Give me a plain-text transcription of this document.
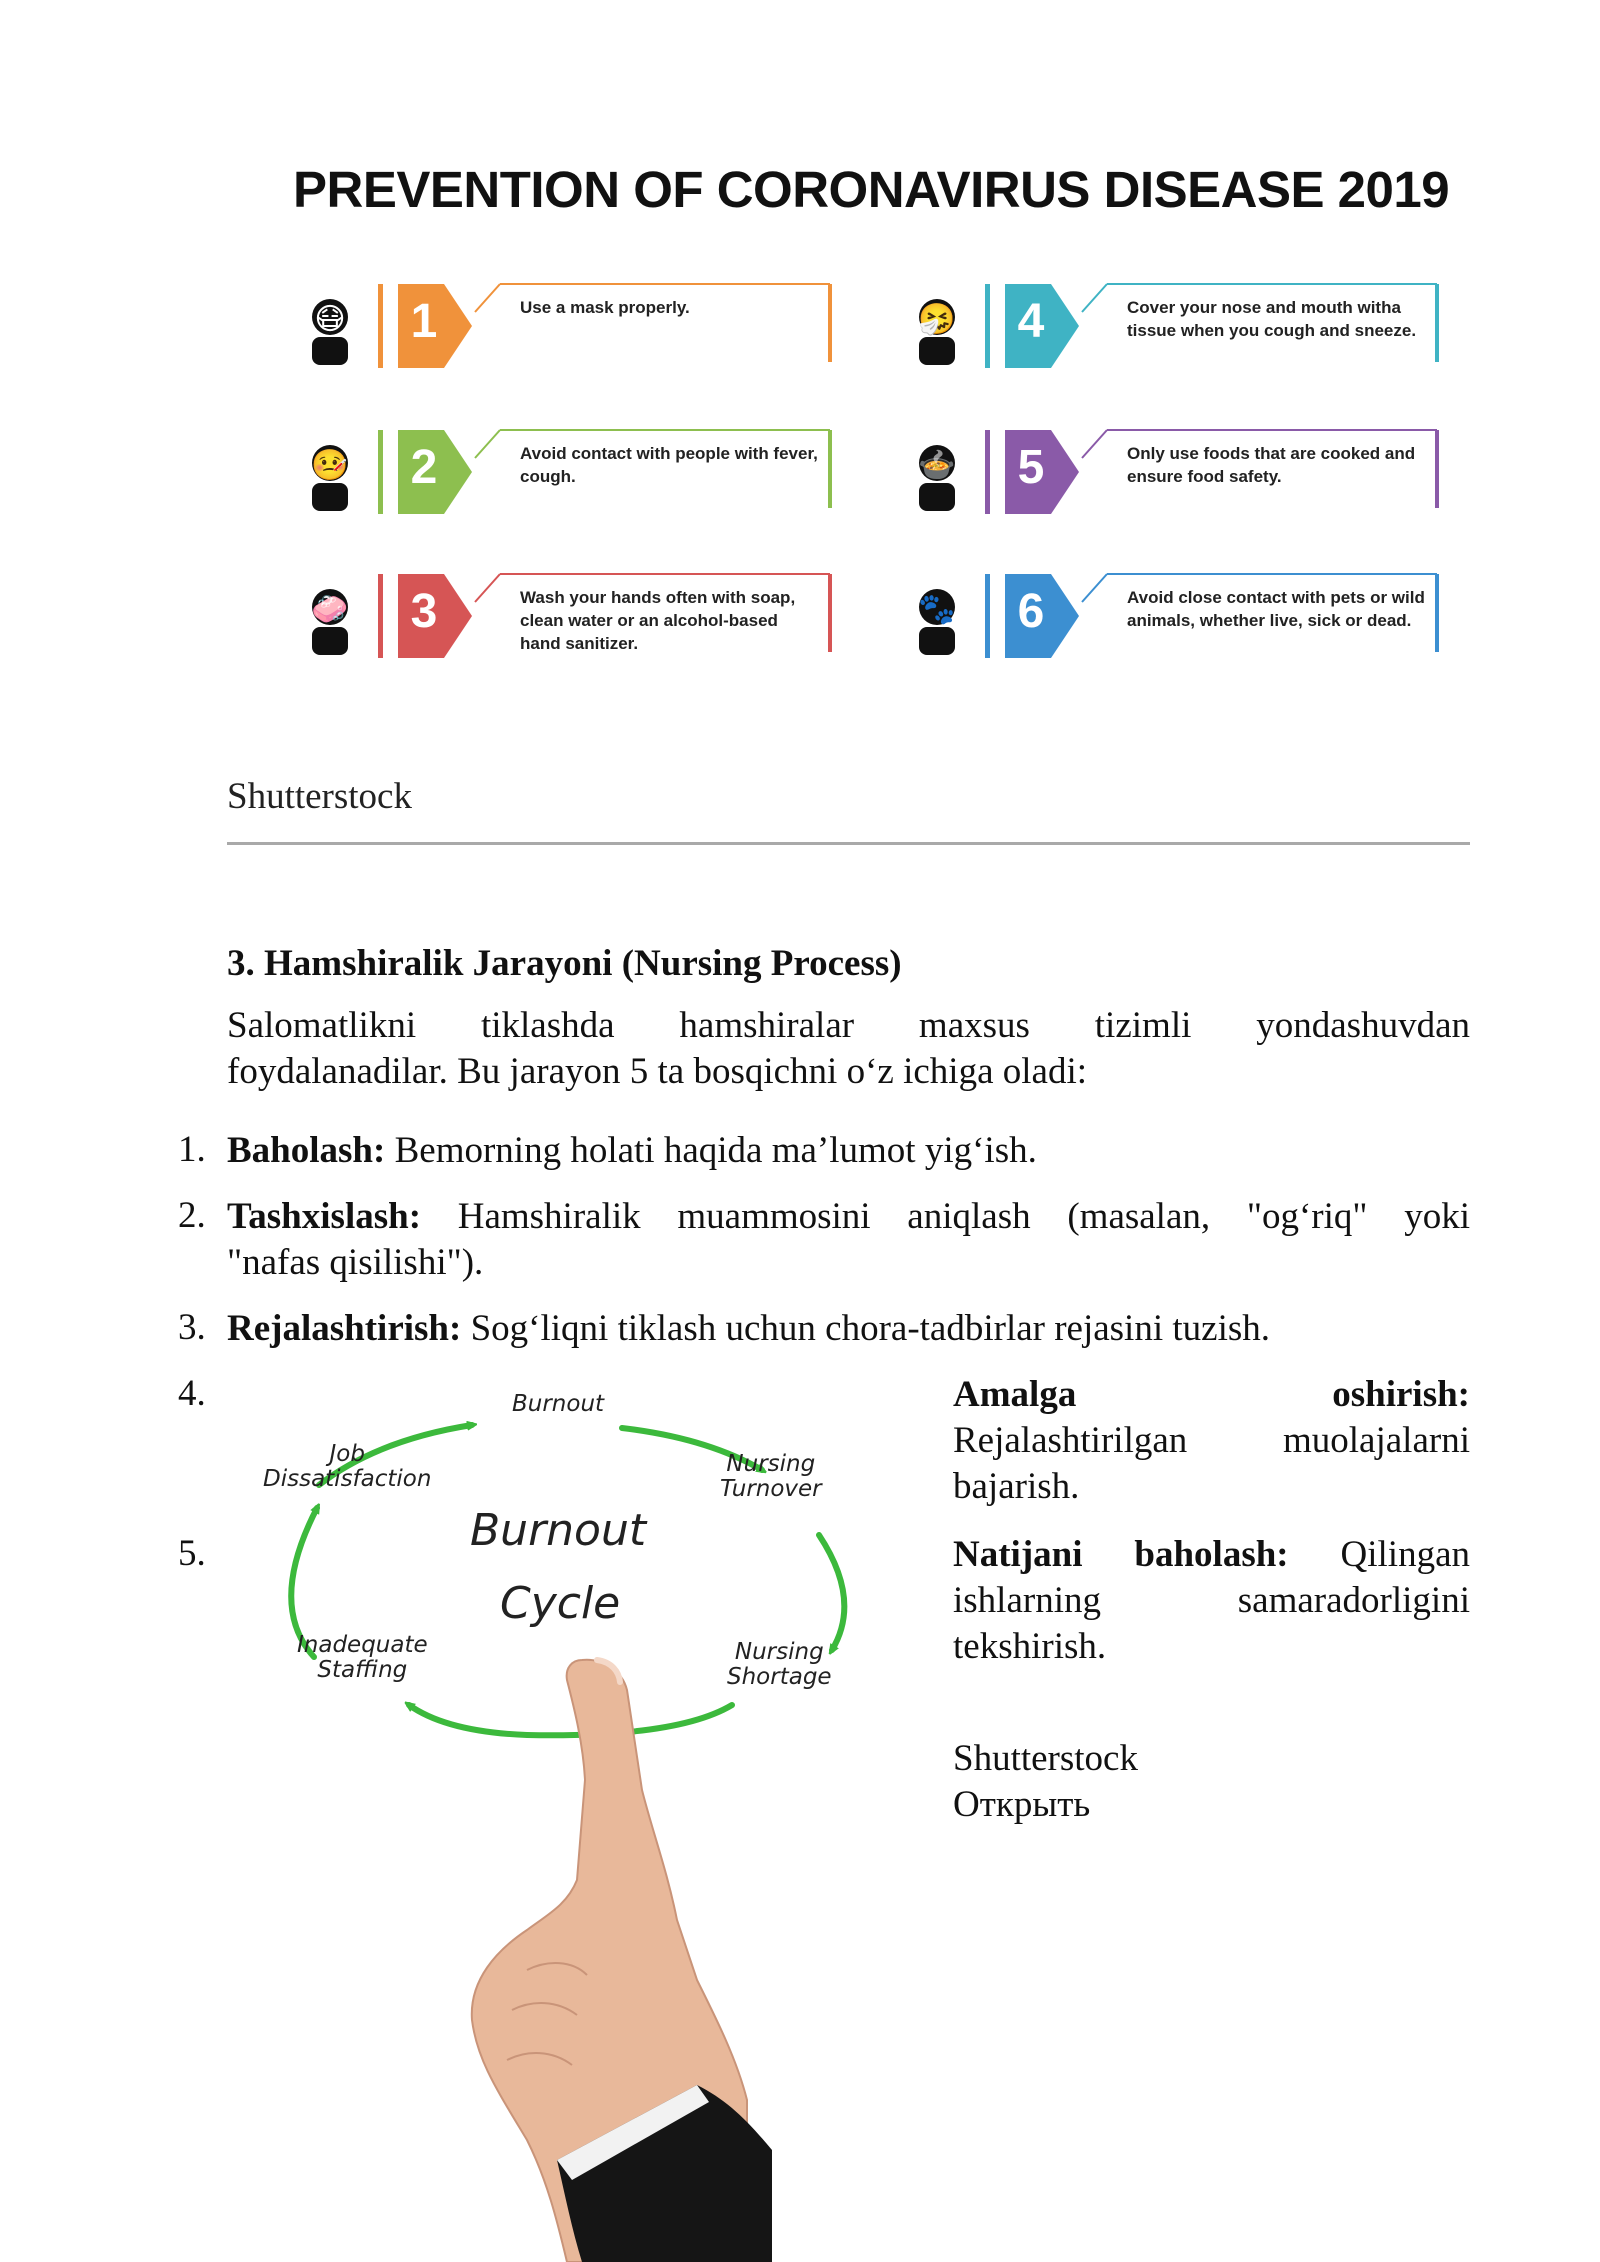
PREVENTION OF CORONAVIRUS DISEASE 2019
😷 1	Use a mask properly.
🤒 2	Avoid contact with people with fever, cough.
🧼 3	Wash your hands often with soap, clean water or an alcohol-based hand sanitizer.
🤧 4	Cover your nose and mouth witha tissue when you cough and sneeze.
🍲 5	Only use foods that are cooked and ensure food safety.
🐾 6	Avoid close contact with pets or wild animals, whether live, sick or dead.
Shutterstock
3. Hamshiralik Jarayoni (Nursing Process)
Salomatlikni tiklashda hamshiralar maxsus tizimli yondashuvdan
foydalanadilar. Bu jarayon 5 ta bosqichni o‘z ichiga oladi:
1. Baholash: Bemorning holati haqida ma’lumot yig‘ish.
2. Tashxislash: Hamshiralik muammosini aniqlash (masalan, "og‘riq" yoki
"nafas qisilishi").
3. Rejalashtirish: Sog‘liqni tiklash uchun chora-tadbirlar rejasini tuzish.
4.	Amalga	oshirish:
Rejalashtirilgan muolajalarni
bajarish.
5.	Natijani baholash: Qilingan
ishlarning samaradorligini
tekshirish.
Shutterstock
Открыть
Burnout
Nursing
Turnover
Nursing
Shortage
Inadequate
Staffing
Job
Dissatisfaction
Burnout
Cycle
